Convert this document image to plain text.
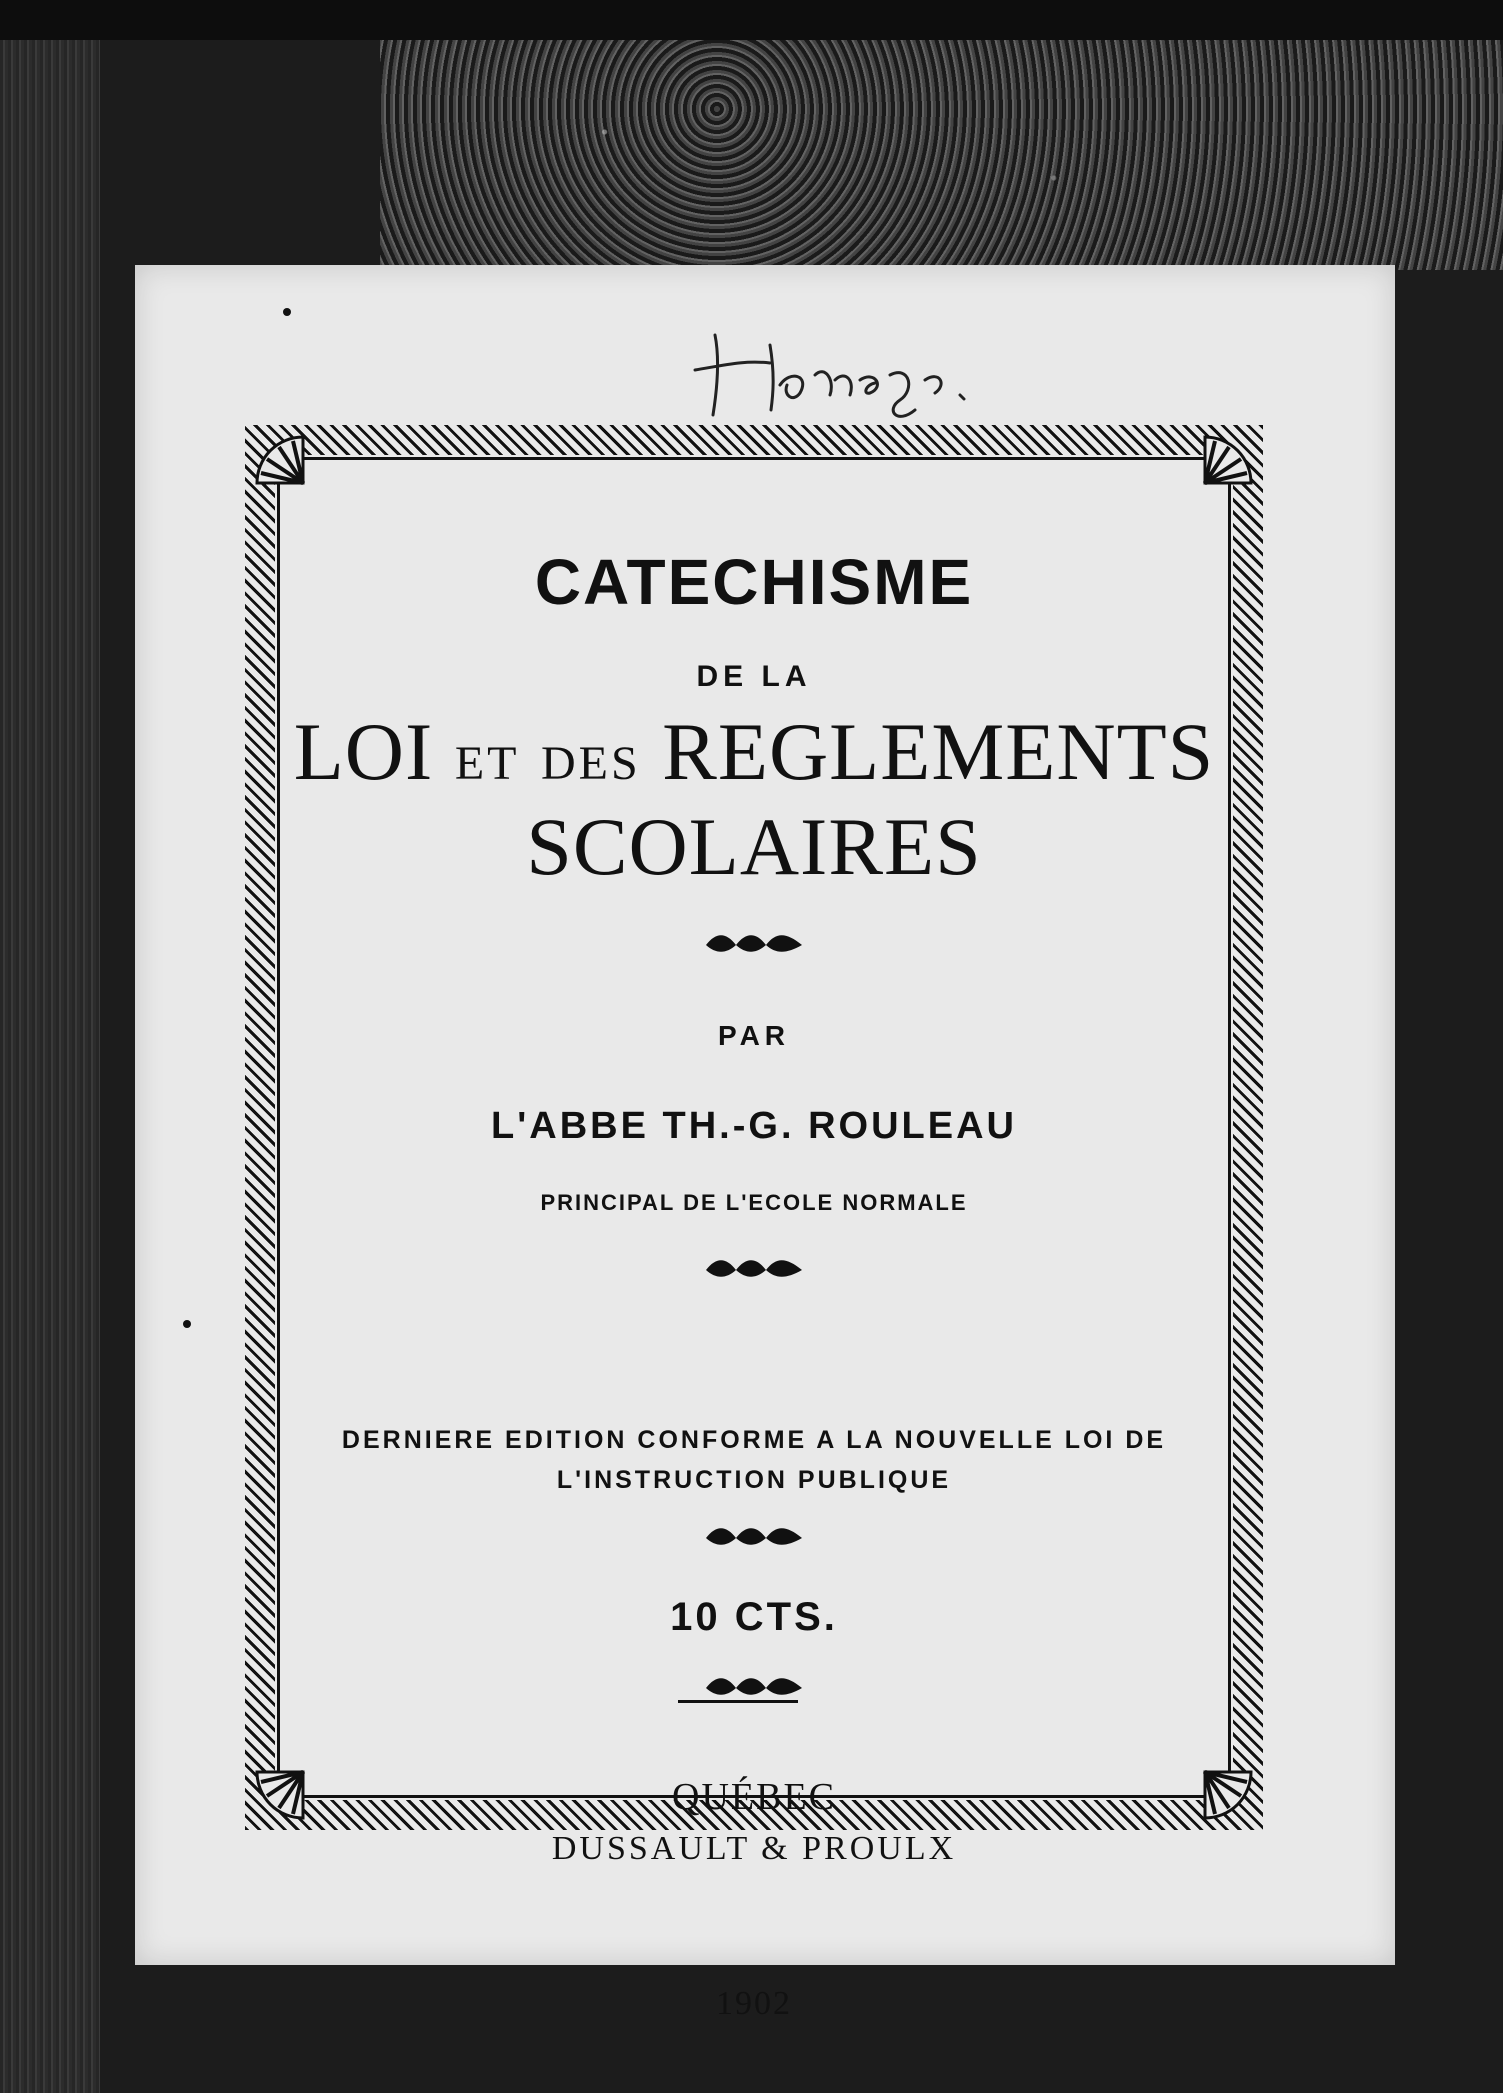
CATECHISME
DE LA
LOI ET DES REGLEMENTS
SCOLAIRES
PAR
L'ABBE TH.-G. ROULEAU
PRINCIPAL DE L'ECOLE NORMALE
DERNIERE EDITION CONFORME A LA NOUVELLE LOI DE
L'INSTRUCTION PUBLIQUE
10 CTS.
QUÉBEC
DUSSAULT & PROULX
1902
